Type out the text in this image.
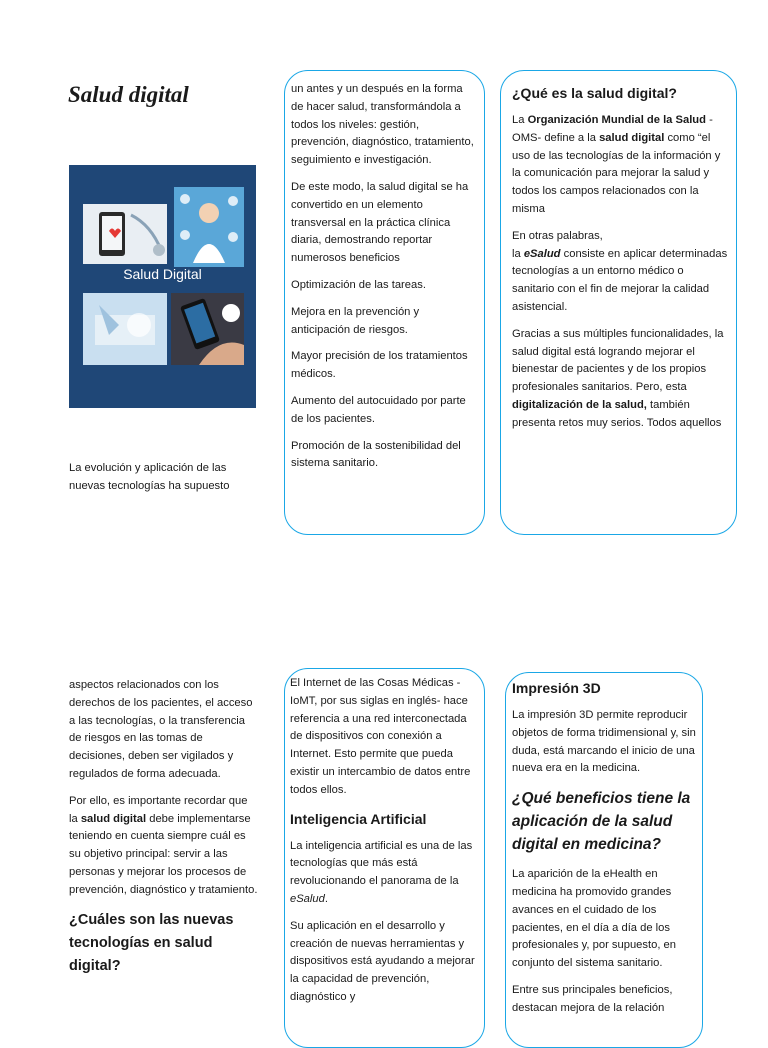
Salud digital
Salud Digital

La evolución y aplicación de las nuevas tecnologías ha supuesto

un antes y un después en la forma de hacer salud, transformándola a todos los niveles: gestión, prevención, diagnóstico, tratamiento, seguimiento e investigación.

De este modo, la salud digital se ha convertido en un elemento transversal en la práctica clínica diaria, demostrando reportar numerosos beneficios

Optimización de las tareas.

Mejora en la prevención y anticipación de riesgos.

Mayor precisión de los tratamientos médicos.

Aumento del autocuidado por parte de los pacientes.

Promoción de la sostenibilidad del sistema sanitario.

¿Qué es la salud digital?

La Organización Mundial de la Salud -OMS- define a la salud digital como “el uso de las tecnologías de la información y la comunicación para mejorar la salud y todos los campos relacionados con la misma

En otras palabras,
la eSalud consiste en aplicar determinadas tecnologías a un entorno médico o sanitario con el fin de mejorar la calidad asistencial.

Gracias a sus múltiples funcionalidades, la salud digital está logrando mejorar el bienestar de pacientes y de los propios profesionales sanitarios. Pero, esta digitalización de la salud, también presenta retos muy serios. Todos aquellos

aspectos relacionados con los derechos de los pacientes, el acceso a las tecnologías, o la transferencia de riesgos en las tomas de decisiones, deben ser vigilados y regulados de forma adecuada.

Por ello, es importante recordar que la salud digital debe implementarse teniendo en cuenta siempre cuál es su objetivo principal: servir a las personas y mejorar los procesos de prevención, diagnóstico y tratamiento.

¿Cuáles son las nuevas tecnologías en salud digital?

El Internet de las Cosas Médicas - IoMT, por sus siglas en inglés- hace referencia a una red interconectada de dispositivos con conexión a Internet. Esto permite que pueda existir un intercambio de datos entre todos ellos.

Inteligencia Artificial

La inteligencia artificial es una de las tecnologías que más está revolucionando el panorama de la eSalud.

Su aplicación en el desarrollo y creación de nuevas herramientas y dispositivos está ayudando a mejorar la capacidad de prevención, diagnóstico y

Impresión 3D

La impresión 3D permite reproducir objetos de forma tridimensional y, sin duda, está marcando el inicio de una nueva era en la medicina.

¿Qué beneficios tiene la aplicación de la salud digital en medicina?

La aparición de la eHealth en medicina ha promovido grandes avances en el cuidado de los pacientes, en el día a día de los profesionales y, por supuesto, en conjunto del sistema sanitario.

Entre sus principales beneficios, destacan mejora de la relación
